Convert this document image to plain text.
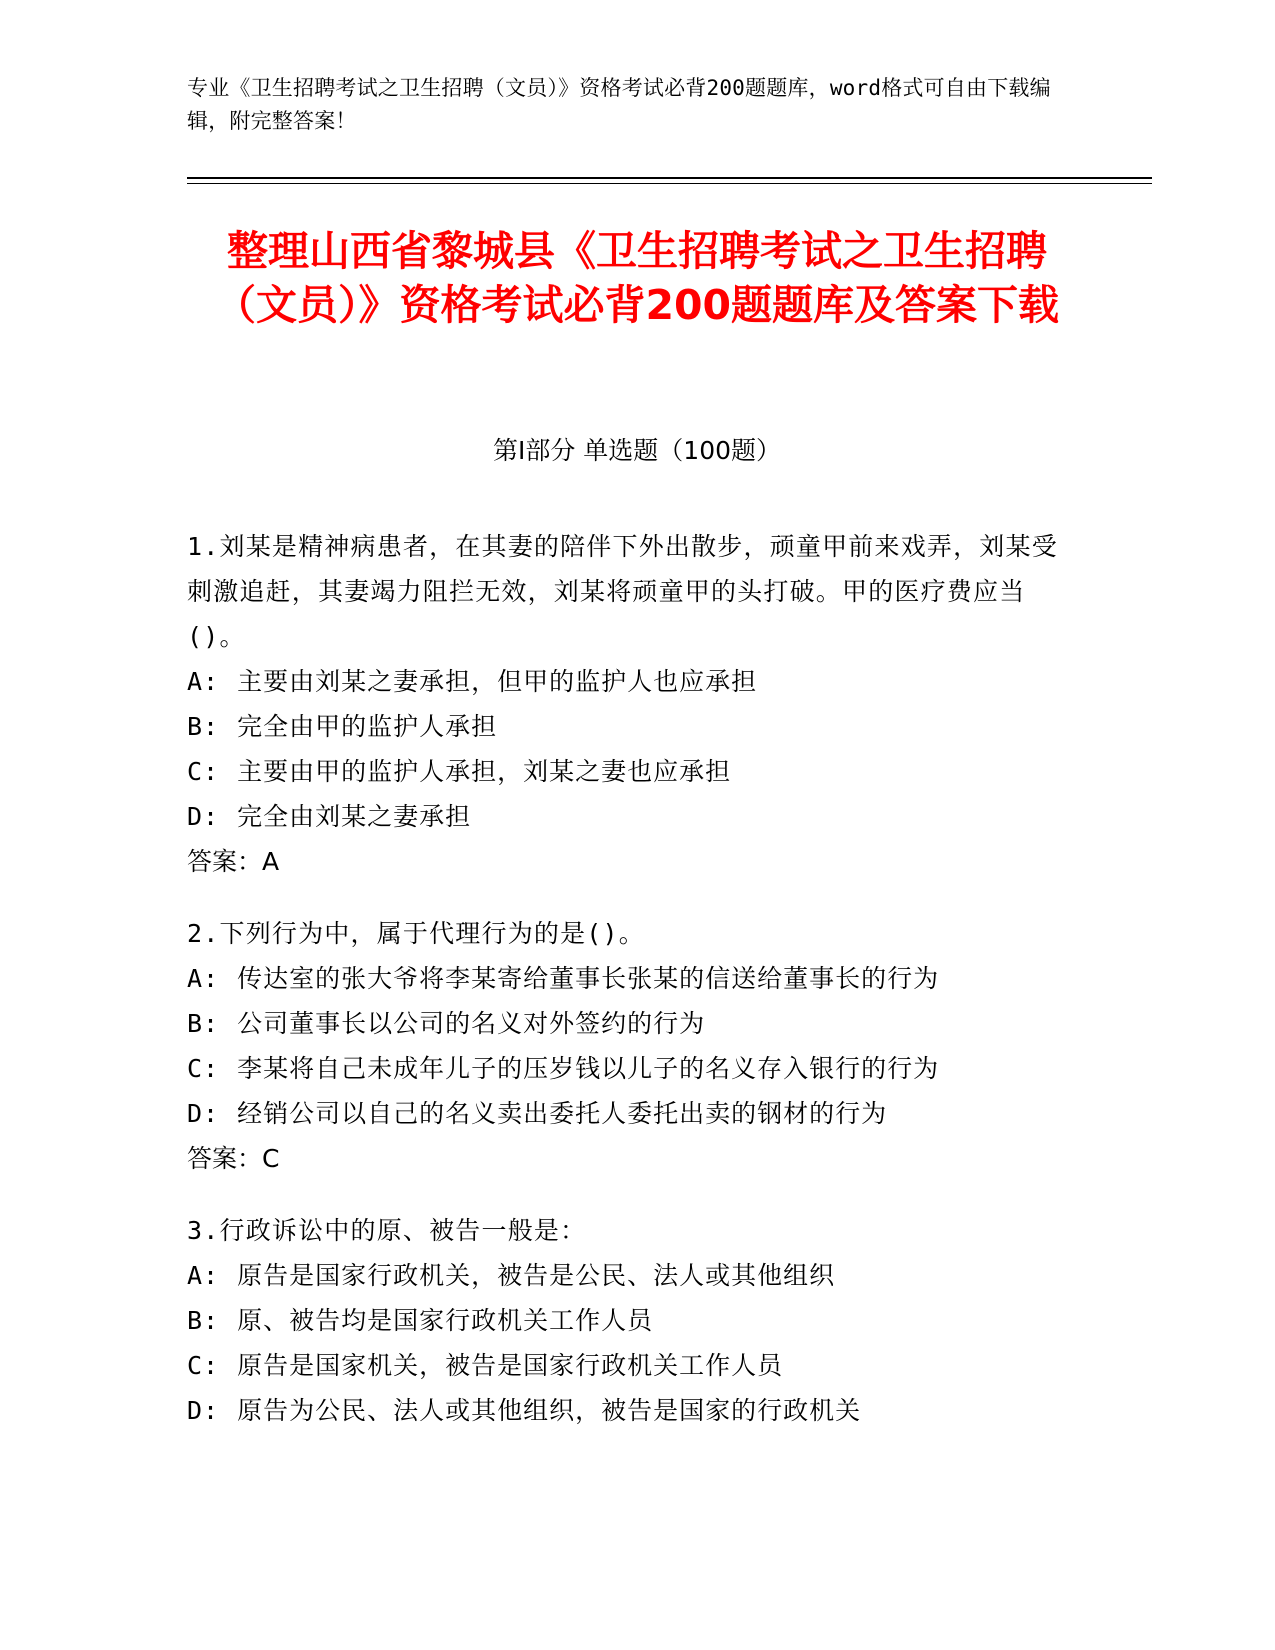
专业《卫生招聘考试之卫生招聘（文员）》资格考试必背200题题库，word格式可自由下载编辑，附完整答案！
整理山西省黎城县《卫生招聘考试之卫生招聘（文员）》资格考试必背200题题库及答案下载
第Ⅰ部分 单选题（100题）
1.刘某是精神病患者，在其妻的陪伴下外出散步，顽童甲前来戏弄，刘某受刺激追赶，其妻竭力阻拦无效，刘某将顽童甲的头打破。甲的医疗费应当()。
A: 主要由刘某之妻承担，但甲的监护人也应承担
B: 完全由甲的监护人承担
C: 主要由甲的监护人承担，刘某之妻也应承担
D: 完全由刘某之妻承担
答案：A
2.下列行为中，属于代理行为的是()。
A: 传达室的张大爷将李某寄给董事长张某的信送给董事长的行为
B: 公司董事长以公司的名义对外签约的行为
C: 李某将自己未成年儿子的压岁钱以儿子的名义存入银行的行为
D: 经销公司以自己的名义卖出委托人委托出卖的钢材的行为
答案：C
3.行政诉讼中的原、被告一般是：
A: 原告是国家行政机关，被告是公民、法人或其他组织
B: 原、被告均是国家行政机关工作人员
C: 原告是国家机关，被告是国家行政机关工作人员
D: 原告为公民、法人或其他组织，被告是国家的行政机关
